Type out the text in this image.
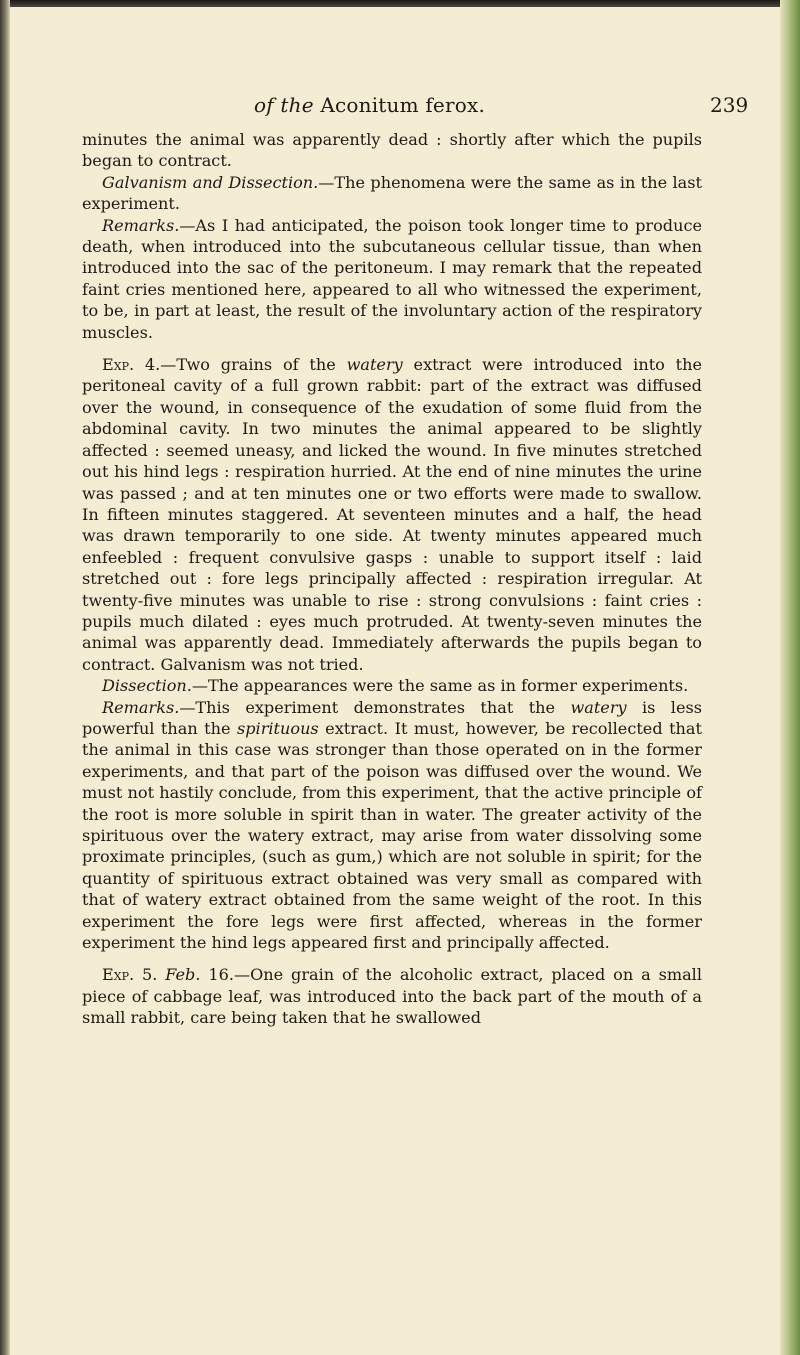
of the Aconitum ferox.	239

minutes the animal was apparently dead : shortly after which the pupils began to contract.

Galvanism and Dissection.—The phenomena were the same as in the last experiment.

Remarks.—As I had anticipated, the poison took longer time to produce death, when introduced into the subcutaneous cellular tissue, than when introduced into the sac of the peritoneum. I may remark that the repeated faint cries mentioned here, appeared to all who witnessed the experiment, to be, in part at least, the result of the involuntary action of the respiratory muscles.

Exp. 4.—Two grains of the watery extract were introduced into the peritoneal cavity of a full grown rabbit: part of the extract was diffused over the wound, in consequence of the exudation of some fluid from the abdominal cavity. In two minutes the animal appeared to be slightly affected : seemed uneasy, and licked the wound. In five minutes stretched out his hind legs : respiration hurried. At the end of nine minutes the urine was passed ; and at ten minutes one or two efforts were made to swallow. In fifteen minutes staggered. At seventeen minutes and a half, the head was drawn temporarily to one side. At twenty minutes appeared much enfeebled : frequent convulsive gasps : unable to support itself : laid stretched out : fore legs principally affected : respiration irregular. At twenty-five minutes was unable to rise : strong convulsions : faint cries : pupils much dilated : eyes much protruded. At twenty-seven minutes the animal was apparently dead. Immediately afterwards the pupils began to contract. Galvanism was not tried.

Dissection.—The appearances were the same as in former experiments.

Remarks.—This experiment demonstrates that the watery is less powerful than the spirituous extract. It must, however, be recollected that the animal in this case was stronger than those operated on in the former experiments, and that part of the poison was diffused over the wound. We must not hastily conclude, from this experiment, that the active principle of the root is more soluble in spirit than in water. The greater activity of the spirituous over the watery extract, may arise from water dissolving some proximate principles, (such as gum,) which are not soluble in spirit; for the quantity of spirituous extract obtained was very small as compared with that of watery extract obtained from the same weight of the root. In this experiment the fore legs were first affected, whereas in the former experiment the hind legs appeared first and principally affected.

Exp. 5. Feb. 16.—One grain of the alcoholic extract, placed on a small piece of cabbage leaf, was introduced into the back part of the mouth of a small rabbit, care being taken that he swallowed
